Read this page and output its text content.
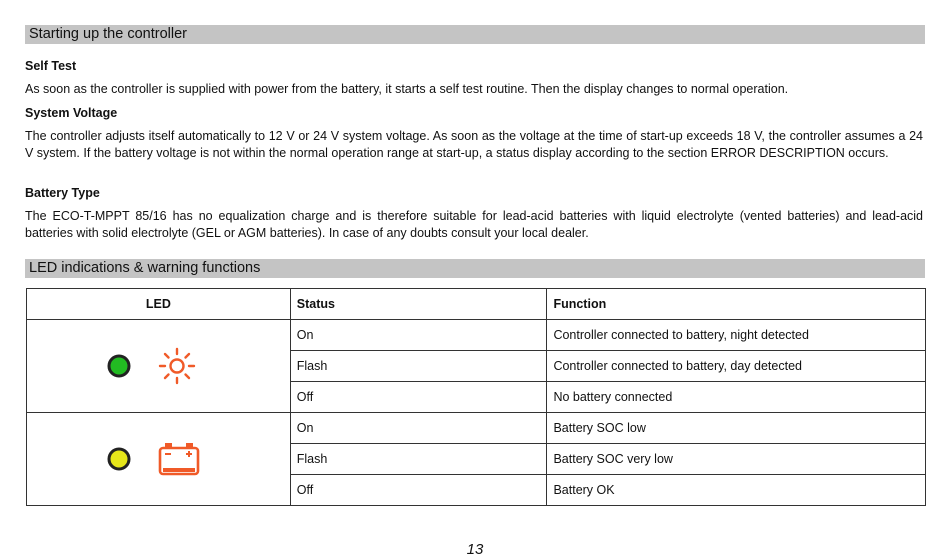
Starting up the controller
Self Test

As soon as the controller is supplied with power from the battery, it starts a self test routine. Then the display changes to normal operation.

System Voltage

The controller adjusts itself automatically to 12 V or 24 V system voltage. As soon as the voltage at the time of start-up exceeds 18 V, the controller assumes a 24 V system. If the battery voltage is not within the normal operation range at start-up, a status display according to the section ERROR DESCRIPTION occurs.

Battery Type

The ECO-T-MPPT 85/16 has no equalization charge and is therefore suitable for lead-acid batteries with liquid electrolyte (vented batteries) and lead-acid batteries with solid electrolyte (GEL or AGM batteries). In case of any doubts consult your local dealer.

LED indications & warning functions
LED	Status	Function
	On	Controller connected to battery, night detected
	Flash	Controller connected to battery, day detected
	Off	No battery connected
	On	Battery SOC low
	Flash	Battery SOC very low
	Off	Battery OK
13
